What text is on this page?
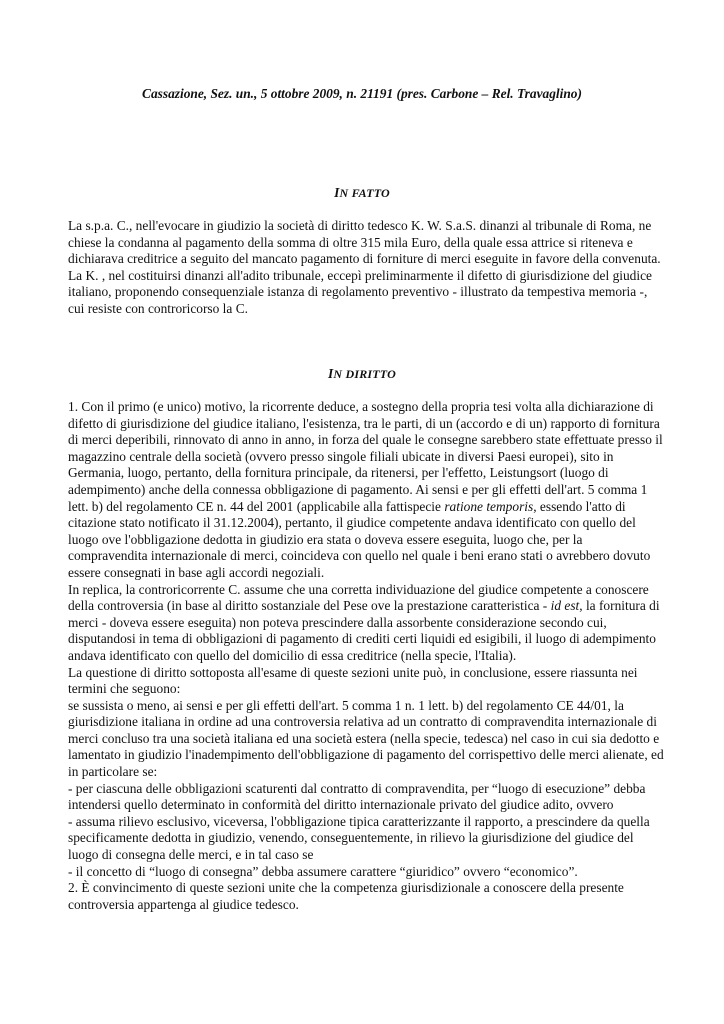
Cassazione, Sez. un., 5 ottobre 2009, n. 21191 (pres. Carbone – Rel. Travaglino)
IN FATTO

La s.p.a. C., nell'evocare in giudizio la società di diritto tedesco K. W. S.a.S. dinanzi al tribunale di Roma, ne chiese la condanna al pagamento della somma di oltre 315 mila Euro, della quale essa attrice si riteneva e dichiarava creditrice a seguito del mancato pagamento di forniture di merci eseguite in favore della convenuta.

La K. , nel costituirsi dinanzi all'adito tribunale, eccepì preliminarmente il difetto di giurisdizione del giudice italiano, proponendo consequenziale istanza di regolamento preventivo - illustrato da tempestiva memoria -, cui resiste con controricorso la C.

IN DIRITTO

1. Con il primo (e unico) motivo, la ricorrente deduce, a sostegno della propria tesi volta alla dichiarazione di difetto di giurisdizione del giudice italiano, l'esistenza, tra le parti, di un (accordo e di un) rapporto di fornitura di merci deperibili, rinnovato di anno in anno, in forza del quale le consegne sarebbero state effettuate presso il magazzino centrale della società (ovvero presso singole filiali ubicate in diversi Paesi europei), sito in Germania, luogo, pertanto, della fornitura principale, da ritenersi, per l'effetto, Leistungsort (luogo di adempimento) anche della connessa obbligazione di pagamento. Ai sensi e per gli effetti dell'art. 5 comma 1 lett. b) del regolamento CE n. 44 del 2001 (applicabile alla fattispecie ratione temporis, essendo l'atto di citazione stato notificato il 31.12.2004), pertanto, il giudice competente andava identificato con quello del luogo ove l'obbligazione dedotta in giudizio era stata o doveva essere eseguita, luogo che, per la compravendita internazionale di merci, coincideva con quello nel quale i beni erano stati o avrebbero dovuto essere consegnati in base agli accordi negoziali.

In replica, la controricorrente C. assume che una corretta individuazione del giudice competente a conoscere della controversia (in base al diritto sostanziale del Pese ove la prestazione caratteristica - id est, la fornitura di merci - doveva essere eseguita) non poteva prescindere dalla assorbente considerazione secondo cui, disputandosi in tema di obbligazioni di pagamento di crediti certi liquidi ed esigibili, il luogo di adempimento andava identificato con quello del domicilio di essa creditrice (nella specie, l'Italia).

La questione di diritto sottoposta all'esame di queste sezioni unite può, in conclusione, essere riassunta nei termini che seguono:

se sussista o meno, ai sensi e per gli effetti dell'art. 5 comma 1 n. 1 lett. b) del regolamento CE 44/01, la giurisdizione italiana in ordine ad una controversia relativa ad un contratto di compravendita internazionale di merci concluso tra una società italiana ed una società estera (nella specie, tedesca) nel caso in cui sia dedotto e lamentato in giudizio l'inadempimento dell'obbligazione di pagamento del corrispettivo delle merci alienate, ed in particolare se:

- per ciascuna delle obbligazioni scaturenti dal contratto di compravendita, per “luogo di esecuzione” debba intendersi quello determinato in conformità del diritto internazionale privato del giudice adito, ovvero

- assuma rilievo esclusivo, viceversa, l'obbligazione tipica caratterizzante il rapporto, a prescindere da quella specificamente dedotta in giudizio, venendo, conseguentemente, in rilievo la giurisdizione del giudice del luogo di consegna delle merci, e in tal caso se

- il concetto di “luogo di consegna” debba assumere carattere “giuridico” ovvero “economico”.

2. È convincimento di queste sezioni unite che la competenza giurisdizionale a conoscere della presente controversia appartenga al giudice tedesco.
